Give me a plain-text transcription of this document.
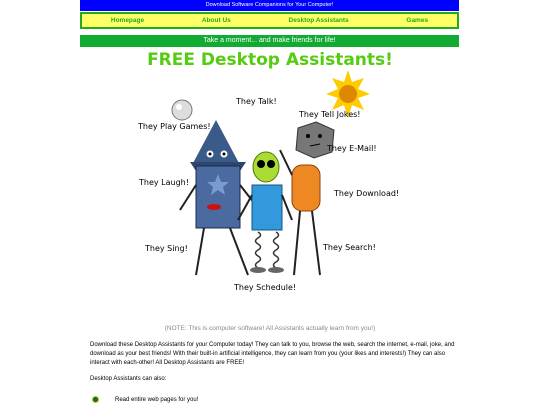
Download Software Companions for Your Computer!
Homepage	About Us	Desktop Assistants	Games
Take a moment... and make friends for life!
FREE Desktop Assistants!
They Talk!
They Play Games!
They Tell Jokes!
They E-Mail!
They Laugh!
They Download!
They Sing!	They Search!
They Schedule!
(NOTE: This is computer software! All Assistants actually learn from you!)
Download these Desktop Assistants for your Computer today! They can talk to you, browse the web, search the internet, e-mail, joke, and download as your best friends! With their built-in artificial intelligence, they can learn from you (your likes and interests!) They can also interact with each-other! All Desktop Assistants are FREE!
Desktop Assistants can also:
Read entire web pages for you!
